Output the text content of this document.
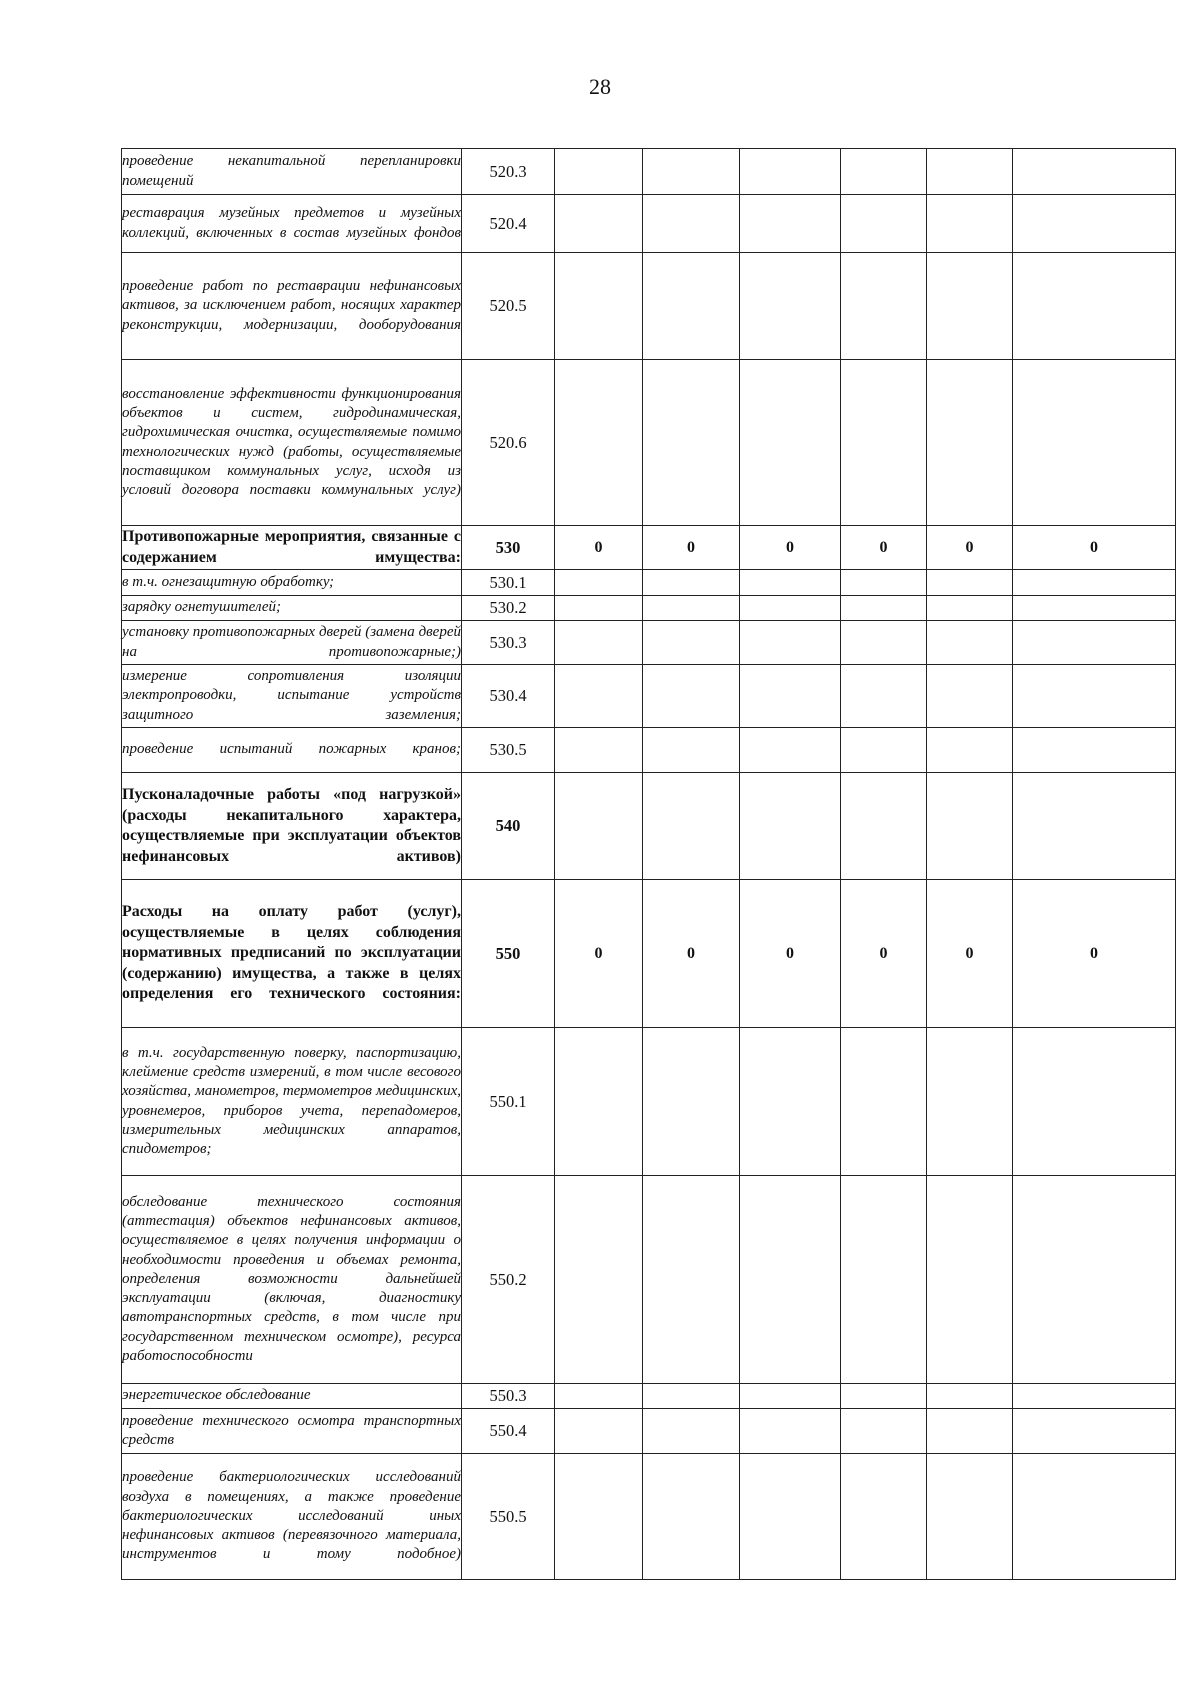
28
проведение некапитальной перепланировки помещений	520.3						
реставрация музейных предметов и музейных коллекций, включенных в состав музейных фондов	520.4						
проведение работ по реставрации нефинансовых активов, за исключением работ, носящих характер реконструкции, модернизации, дооборудования	520.5						
восстановление эффективности функционирования объектов и систем, гидродинамическая, гидрохимическая очистка, осуществляемые помимо технологических нужд (работы, осуществляемые поставщиком коммунальных услуг, исходя из условий договора поставки коммунальных услуг)	520.6						
Противопожарные мероприятия, связанные с содержанием имущества:	530	0	0	0	0	0	0
в т.ч. огнезащитную обработку;	530.1						
зарядку огнетушителей;	530.2						
установку противопожарных дверей (замена дверей на противопожарные;)	530.3						
измерение сопротивления изоляции электропроводки, испытание устройств защитного заземления;	530.4						
проведение испытаний пожарных кранов;	530.5						
Пусконаладочные работы «под нагрузкой» (расходы некапитального характера, осуществляемые при эксплуатации объектов нефинансовых активов)	540						
Расходы на оплату работ (услуг), осуществляемые в целях соблюдения нормативных предписаний по эксплуатации (содержанию) имущества, а также в целях определения его технического состояния:	550	0	0	0	0	0	0
в т.ч. государственную поверку, паспортизацию, клеймение средств измерений, в том числе весового хозяйства, манометров, термометров медицинских, уровнемеров, приборов учета, перепадомеров, измерительных медицинских аппаратов, спидометров;	550.1						
обследование технического состояния (аттестация) объектов нефинансовых активов, осуществляемое в целях получения информации о необходимости проведения и объемах ремонта, определения возможности дальнейшей эксплуатации (включая, диагностику автотранспортных средств, в том числе при государственном техническом осмотре), ресурса работоспособности	550.2						
энергетическое обследование	550.3						
проведение технического осмотра транспортных средств	550.4						
проведение бактериологических исследований воздуха в помещениях, а также проведение бактериологических исследований иных нефинансовых активов (перевязочного материала, инструментов и тому подобное)	550.5						
